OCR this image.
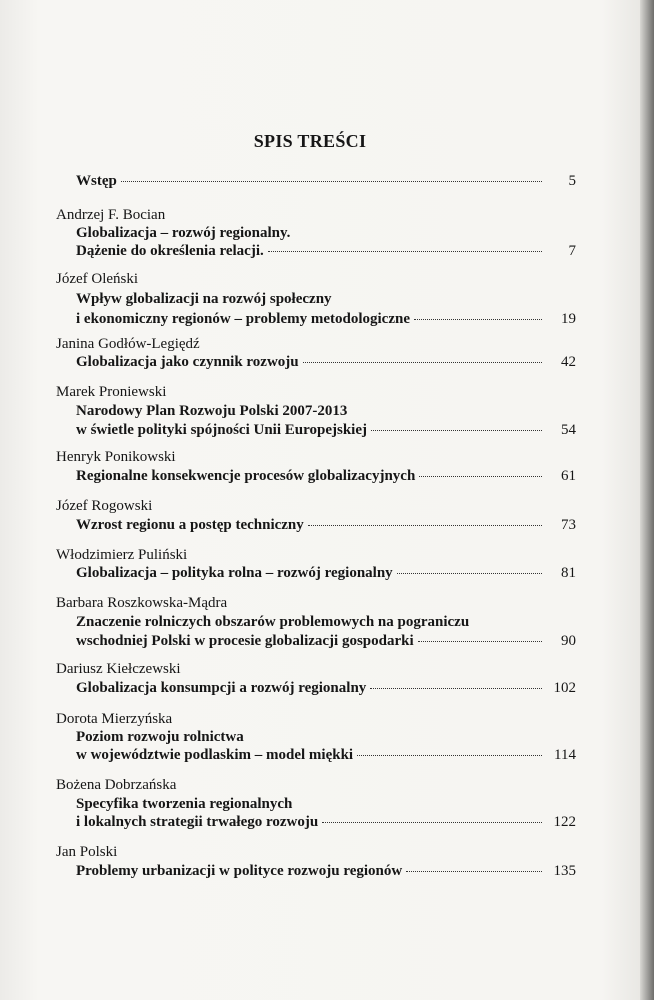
SPIS TREŚCI
Wstęp	5
Andrzej F. Bocian
Globalizacja – rozwój regionalny.
Dążenie do określenia relacji.	7
Józef Oleński
Wpływ globalizacji na rozwój społeczny
i ekonomiczny regionów – problemy metodologiczne	19
Janina Godłów-Legiędź
Globalizacja jako czynnik rozwoju	42
Marek Proniewski
Narodowy Plan Rozwoju Polski 2007-2013
w świetle polityki spójności Unii Europejskiej	54
Henryk Ponikowski
Regionalne konsekwencje procesów globalizacyjnych	61
Józef Rogowski
Wzrost regionu a postęp techniczny	73
Włodzimierz Puliński
Globalizacja – polityka rolna – rozwój regionalny	81
Barbara Roszkowska-Mądra
Znaczenie rolniczych obszarów problemowych na pograniczu
wschodniej Polski w procesie globalizacji gospodarki	90
Dariusz Kiełczewski
Globalizacja konsumpcji a rozwój regionalny	102
Dorota Mierzyńska
Poziom rozwoju rolnictwa
w województwie podlaskim – model miękki	114
Bożena Dobrzańska
Specyfika tworzenia regionalnych
i lokalnych strategii trwałego rozwoju	122
Jan Polski
Problemy urbanizacji w polityce rozwoju regionów	135
